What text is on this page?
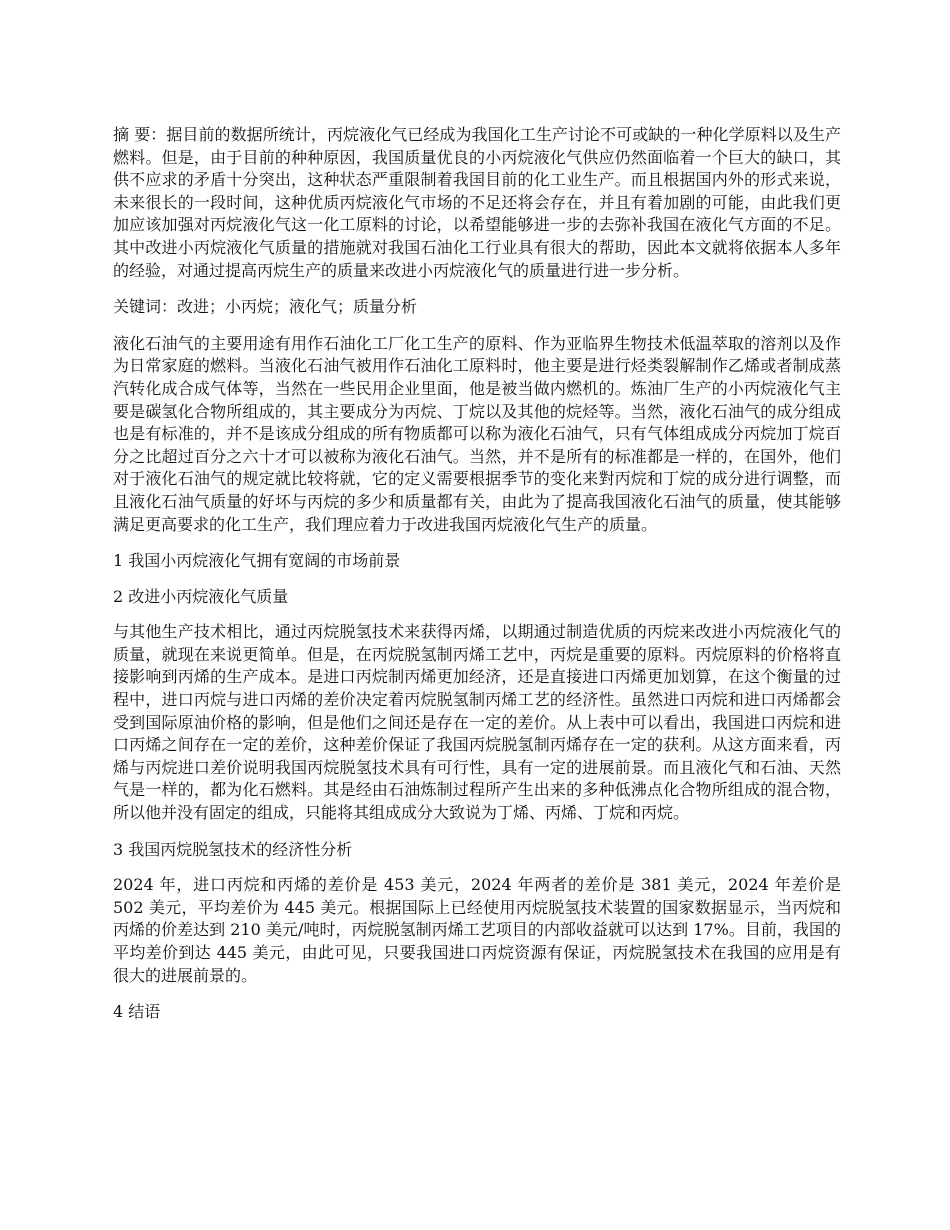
摘 要：据目前的数据所统计，丙烷液化气已经成为我国化工生产讨论不可或缺的一种化学原料以及生产燃料。但是，由于目前的种种原因，我国质量优良的小丙烷液化气供应仍然面临着一个巨大的缺口，其供不应求的矛盾十分突出，这种状态严重限制着我国目前的化工业生产。而且根据国内外的形式来说，未来很长的一段时间，这种优质丙烷液化气市场的不足还将会存在，并且有着加剧的可能，由此我们更加应该加强对丙烷液化气这一化工原料的讨论，以希望能够进一步的去弥补我国在液化气方面的不足。其中改进小丙烷液化气质量的措施就对我国石油化工行业具有很大的帮助，因此本文就将依据本人多年的经验，对通过提高丙烷生产的质量来改进小丙烷液化气的质量进行进一步分析。

关键词：改进；小丙烷；液化气；质量分析

液化石油气的主要用途有用作石油化工厂化工生产的原料、作为亚临界生物技术低温萃取的溶剂以及作为日常家庭的燃料。当液化石油气被用作石油化工原料时，他主要是进行烃类裂解制作乙烯或者制成蒸汽转化成合成气体等，当然在一些民用企业里面，他是被当做内燃机的。炼油厂生产的小丙烷液化气主要是碳氢化合物所组成的，其主要成分为丙烷、丁烷以及其他的烷烃等。当然，液化石油气的成分组成也是有标准的，并不是该成分组成的所有物质都可以称为液化石油气，只有气体组成成分丙烷加丁烷百分之比超过百分之六十才可以被称为液化石油气。当然，并不是所有的标准都是一样的，在国外，他们对于液化石油气的规定就比较将就，它的定义需要根据季节的变化来對丙烷和丁烷的成分进行调整，而且液化石油气质量的好坏与丙烷的多少和质量都有关，由此为了提高我国液化石油气的质量，使其能够满足更高要求的化工生产，我们理应着力于改进我国丙烷液化气生产的质量。

1 我国小丙烷液化气拥有宽阔的市场前景

2 改进小丙烷液化气质量

与其他生产技术相比，通过丙烷脱氢技术来获得丙烯，以期通过制造优质的丙烷来改进小丙烷液化气的质量，就现在来说更简单。但是，在丙烷脱氢制丙烯工艺中，丙烷是重要的原料。丙烷原料的价格将直接影响到丙烯的生产成本。是进口丙烷制丙烯更加经济，还是直接进口丙烯更加划算，在这个衡量的过程中，进口丙烷与进口丙烯的差价决定着丙烷脱氢制丙烯工艺的经济性。虽然进口丙烷和进口丙烯都会受到国际原油价格的影响，但是他们之间还是存在一定的差价。从上表中可以看出，我国进口丙烷和进口丙烯之间存在一定的差价，这种差价保证了我国丙烷脱氢制丙烯存在一定的获利。从这方面来看，丙烯与丙烷进口差价说明我国丙烷脱氢技术具有可行性，具有一定的进展前景。而且液化气和石油、天然气是一样的，都为化石燃料。其是经由石油炼制过程所产生出来的多种低沸点化合物所组成的混合物，所以他并没有固定的组成，只能将其组成成分大致说为丁烯、丙烯、丁烷和丙烷。

3 我国丙烷脱氢技术的经济性分析

2024 年，进口丙烷和丙烯的差价是 453 美元，2024 年两者的差价是 381 美元，2024 年差价是 502 美元，平均差价为 445 美元。根据国际上已经使用丙烷脱氢技术装置的国家数据显示，当丙烷和丙烯的价差达到 210 美元/吨时，丙烷脱氢制丙烯工艺项目的内部收益就可以达到 17%。目前，我国的平均差价到达 445 美元，由此可见，只要我国进口丙烷资源有保证，丙烷脱氢技术在我国的应用是有很大的进展前景的。

4 结语
